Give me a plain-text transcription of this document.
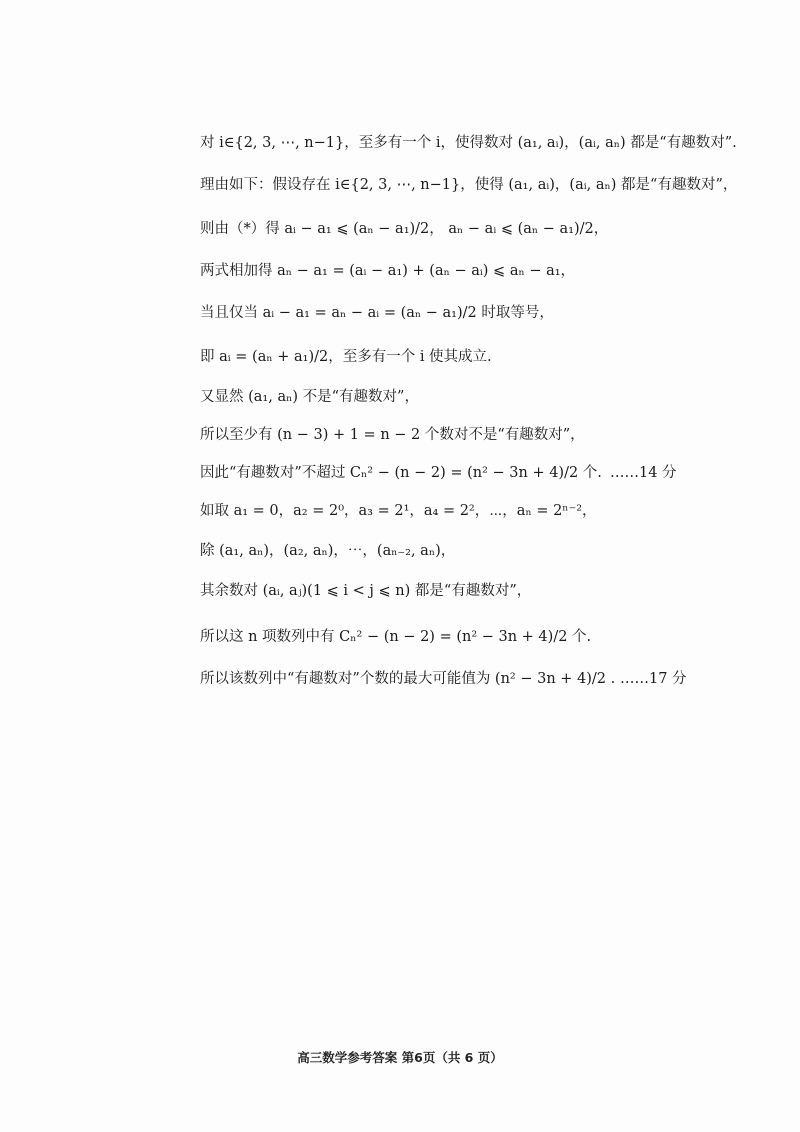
对 i∈{2, 3, ⋯, n−1}，至多有一个 i，使得数对 (a₁, aᵢ)，(aᵢ, aₙ) 都是“有趣数对”.
理由如下：假设存在 i∈{2, 3, ⋯, n−1}，使得 (a₁, aᵢ)，(aᵢ, aₙ) 都是“有趣数对”，
则由（*）得 aᵢ − a₁ ⩽ (aₙ − a₁)/2， aₙ − aᵢ ⩽ (aₙ − a₁)/2，
两式相加得 aₙ − a₁ = (aᵢ − a₁) + (aₙ − aᵢ) ⩽ aₙ − a₁，
当且仅当 aᵢ − a₁ = aₙ − aᵢ = (aₙ − a₁)/2 时取等号，
即 aᵢ = (aₙ + a₁)/2，至多有一个 i 使其成立.
又显然 (a₁, aₙ) 不是“有趣数对”，
所以至少有 (n − 3) + 1 = n − 2 个数对不是“有趣数对”，
因此“有趣数对”不超过 Cₙ² − (n − 2) = (n² − 3n + 4)/2 个. ……14 分
如取 a₁ = 0，a₂ = 2⁰，a₃ = 2¹，a₄ = 2²，⋯，aₙ = 2ⁿ⁻²，
除 (a₁, aₙ)，(a₂, aₙ)，⋯，(aₙ₋₂, aₙ)，
其余数对 (aᵢ, aⱼ)(1 ⩽ i < j ⩽ n) 都是“有趣数对”，
所以这 n 项数列中有 Cₙ² − (n − 2) = (n² − 3n + 4)/2 个.
所以该数列中“有趣数对”个数的最大可能值为 (n² − 3n + 4)/2 . ……17 分
高三数学参考答案 第6页（共 6 页）
